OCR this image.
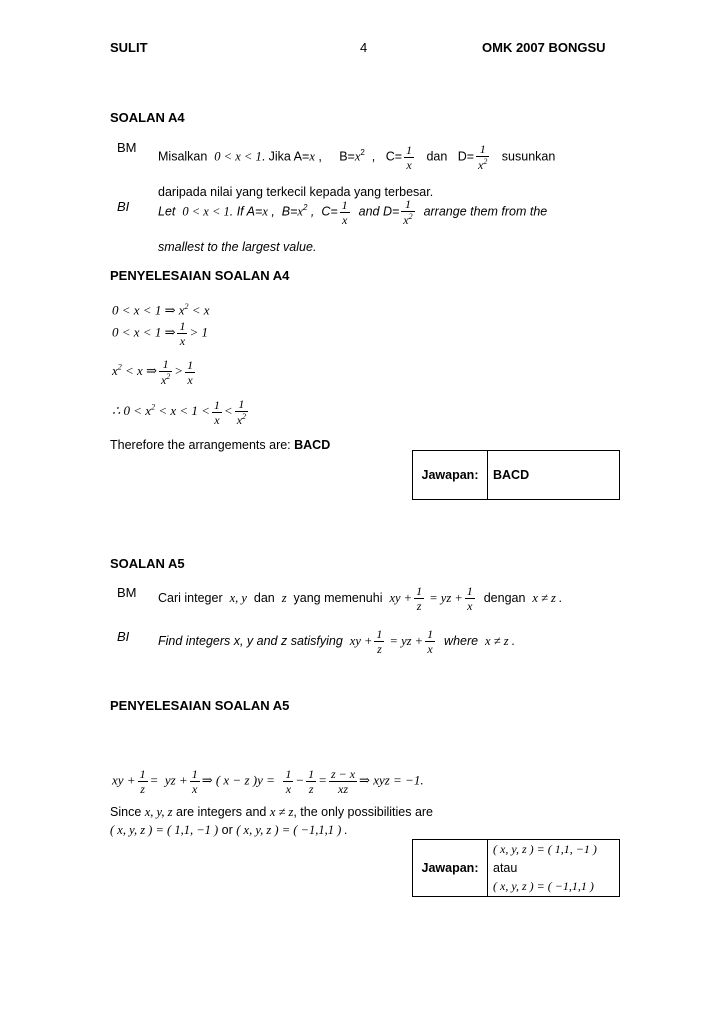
SULIT	4	OMK 2007 BONGSU
SOALAN A4
BM
Misalkan 0 < x < 1. Jika A=x ,     $B=x^2$  ,   $C= \frac{1}{x}$ dan $D= \frac{1}{x^2}$ susunkan
daripada nilai yang terkecil kepada yang terbesar.
BI Let 0 < x < 1. If A=x ,  $B=x^2$ ,  $C= \frac{1}{x}$ and $D= \frac{1}{x^2}$ arrange them from the
smallest to the largest value.
PENYELESAIAN SOALAN A4
0 < x < 1 ⇒ $x^2 < x$
0 < x < 1 ⇒ $\frac{1}{x} > 1$
$x^2 < x$ ⇒ $\frac{1}{x^2} > \frac{1}{x}$
∴ $0 < x^2 < x < 1 < \frac{1}{x} < \frac{1}{x^2}$
Therefore the arrangements are: BACD
Jawapan:	BACD
SOALAN A5
BM Cari integer x, y dan z yang memenuhi xy + $\frac{1}{z}$ = yz + $\frac{1}{x}$ dengan x ≠ z .
BI Find integers x, y and z satisfying xy + $\frac{1}{z}$ = yz + $\frac{1}{x}$ where x ≠ z .
PENYELESAIAN SOALAN A5
xy + $\frac{1}{z}$ =  yz + $\frac{1}{x}$ ⇒ ( x − z )$y = \frac{1}{x} - \frac{1}{z} = \frac{z - x}{xz}$ ⇒ xyz = −1.
Since x, y, z are integers and x ≠ z, the only possibilities are
( x, y, z ) = ( 1,1, −1 ) or ( x, y, z ) = ( −1,1,1 ) .
Jawapan:
( x, y, z ) = ( 1,1, −1 )
atau
( x, y, z ) = ( −1,1,1 )
